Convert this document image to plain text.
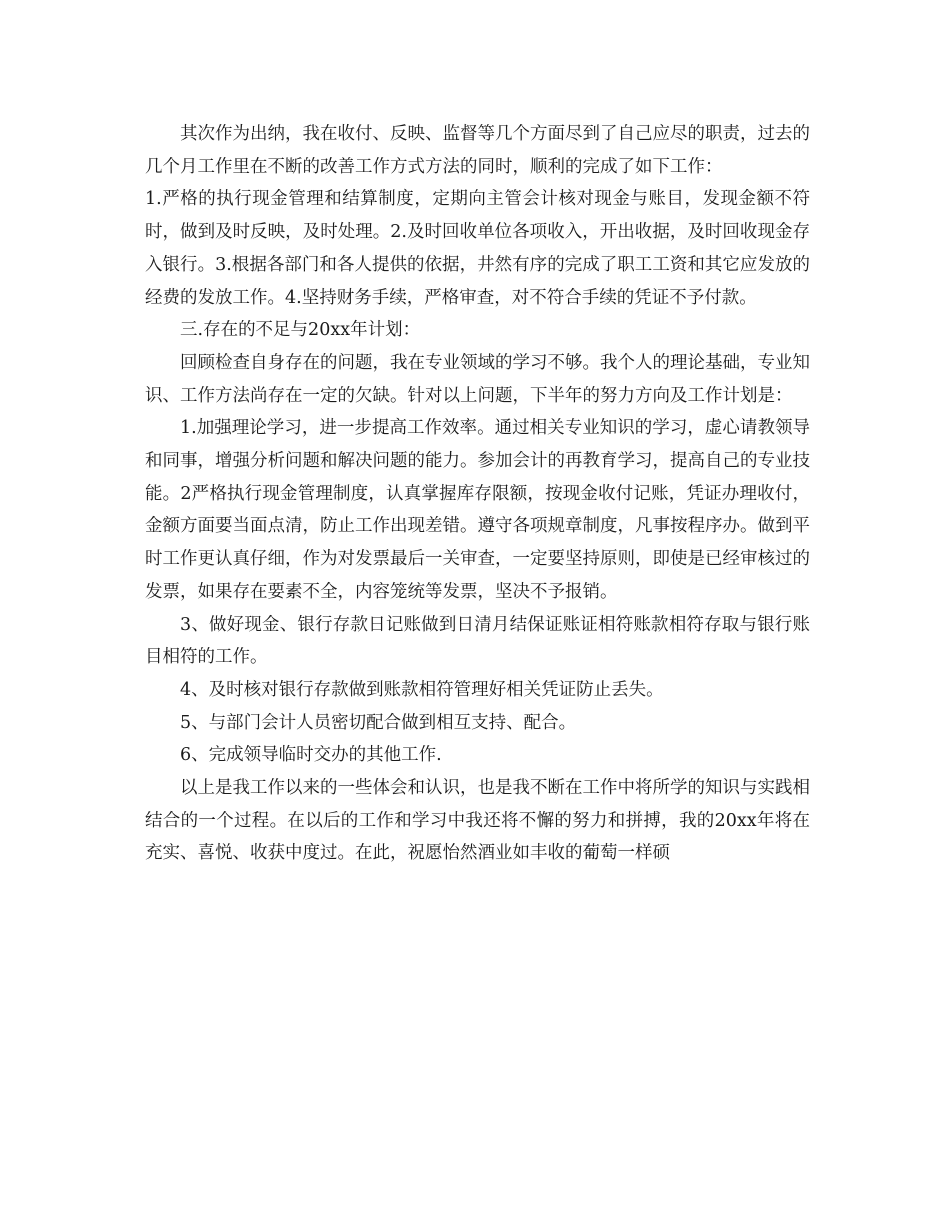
其次作为出纳，我在收付、反映、监督等几个方面尽到了自己应尽的职责，过去的几个月工作里在不断的改善工作方式方法的同时，顺利的完成了如下工作：

1.严格的执行现金管理和结算制度，定期向主管会计核对现金与账目，发现金额不符时，做到及时反映，及时处理。2.及时回收单位各项收入，开出收据，及时回收现金存入银行。3.根据各部门和各人提供的依据，井然有序的完成了职工工资和其它应发放的经费的发放工作。4.坚持财务手续，严格审查，对不符合手续的凭证不予付款。

三.存在的不足与20xx年计划：

回顾检查自身存在的问题，我在专业领域的学习不够。我个人的理论基础，专业知识、工作方法尚存在一定的欠缺。针对以上问题，下半年的努力方向及工作计划是：

1.加强理论学习，进一步提高工作效率。通过相关专业知识的学习，虚心请教领导和同事，增强分析问题和解决问题的能力。参加会计的再教育学习，提高自己的专业技能。2严格执行现金管理制度，认真掌握库存限额，按现金收付记账，凭证办理收付，金额方面要当面点清，防止工作出现差错。遵守各项规章制度，凡事按程序办。做到平时工作更认真仔细，作为对发票最后一关审查，一定要坚持原则，即使是已经审核过的发票，如果存在要素不全，内容笼统等发票，坚决不予报销。

3、做好现金、银行存款日记账做到日清月结保证账证相符账款相符存取与银行账目相符的工作。

4、及时核对银行存款做到账款相符管理好相关凭证防止丢失。

5、与部门会计人员密切配合做到相互支持、配合。

6、完成领导临时交办的其他工作.

以上是我工作以来的一些体会和认识，也是我不断在工作中将所学的知识与实践相结合的一个过程。在以后的工作和学习中我还将不懈的努力和拼搏，我的20xx年将在充实、喜悦、收获中度过。在此，祝愿怡然酒业如丰收的葡萄一样硕
